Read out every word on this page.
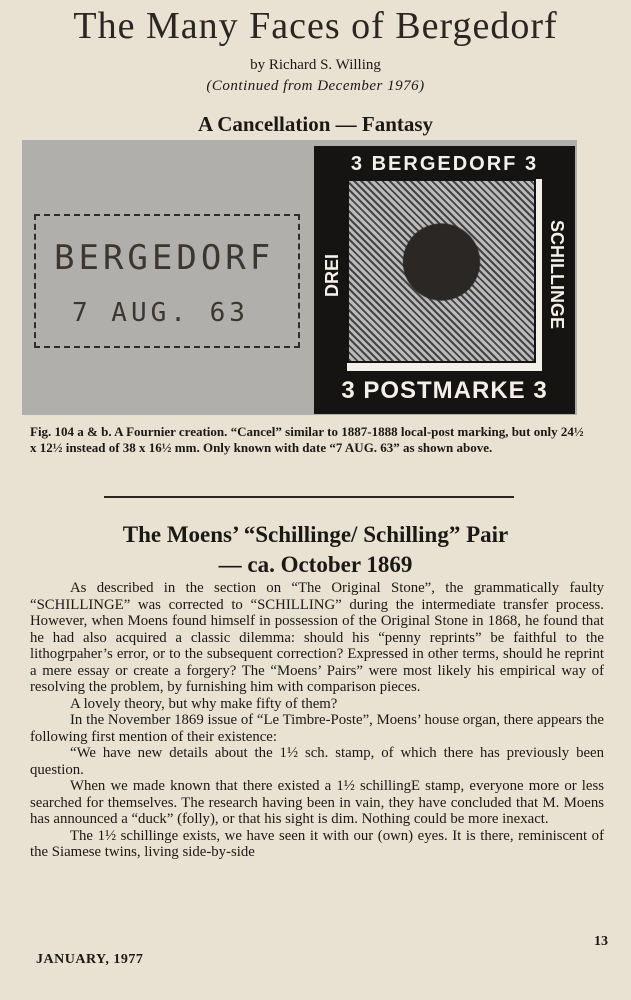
The Many Faces of Bergedorf
by Richard S. Willing
(Continued from December 1976)
A Cancellation — Fantasy
BERGEDORF
7 AUG. 63
3 BERGEDORF 3
DREI	SCHILLINGE
3 POSTMARKE 3
Fig. 104 a & b. A Fournier creation. “Cancel” similar to 1887-1888 local-post marking, but only 24½ x 12½ instead of 38 x 16½ mm. Only known with date “7 AUG. 63” as shown above.
The Moens’ “Schillinge/ Schilling” Pair
— ca. October 1869

As described in the section on “The Original Stone”, the grammatically faulty “SCHILLINGE” was corrected to “SCHILLING” during the intermediate transfer process. However, when Moens found himself in possession of the Original Stone in 1868, he found that he had also acquired a classic dilemma: should his “penny reprints” be faithful to the lithogrpaher’s error, or to the subsequent correction? Expressed in other terms, should he reprint a mere essay or create a forgery? The “Moens’ Pairs” were most likely his empirical way of resolving the problem, by furnishing him with comparison pieces.

A lovely theory, but why make fifty of them?

In the November 1869 issue of “Le Timbre-Poste”, Moens’ house organ, there appears the following first mention of their existence:

“We have new details about the 1½ sch. stamp, of which there has previously been question.

When we made known that there existed a 1½ schillingE stamp, everyone more or less searched for themselves. The research having been in vain, they have concluded that M. Moens has announced a “duck” (folly), or that his sight is dim. Nothing could be more inexact.

The 1½ schillinge exists, we have seen it with our (own) eyes. It is there, reminiscent of the Siamese twins, living side-by-side

JANUARY, 1977
13
